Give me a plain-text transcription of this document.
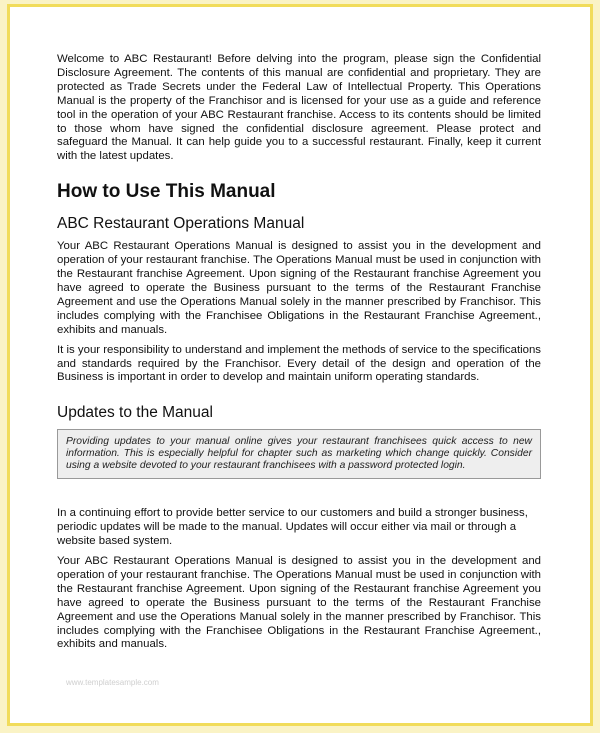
Welcome to ABC Restaurant! Before delving into the program, please sign the Confidential Disclosure Agreement. The contents of this manual are confidential and proprietary. They are protected as Trade Secrets under the Federal Law of Intellectual Property. This Operations Manual is the property of the Franchisor and is licensed for your use as a guide and reference tool in the operation of your ABC Restaurant franchise. Access to its contents should be limited to those whom have signed the confidential disclosure agreement. Please protect and safeguard the Manual. It can help guide you to a successful restaurant. Finally, keep it current with the latest updates.

How to Use This Manual
ABC Restaurant Operations Manual

Your ABC Restaurant Operations Manual is designed to assist you in the development and operation of your restaurant franchise. The Operations Manual must be used in conjunction with the Restaurant franchise Agreement. Upon signing of the Restaurant franchise Agreement you have agreed to operate the Business pursuant to the terms of the Restaurant Franchise Agreement and use the Operations Manual solely in the manner prescribed by Franchisor. This includes complying with the Franchisee Obligations in the Restaurant Franchise Agreement., exhibits and manuals.

It is your responsibility to understand and implement the methods of service to the specifications and standards required by the Franchisor. Every detail of the design and operation of the Business is important in order to develop and maintain uniform operating standards.

Updates to the Manual
Providing updates to your manual online gives your restaurant franchisees quick access to new information. This is especially helpful for chapter such as marketing which change quickly. Consider using a website devoted to your restaurant franchisees with a password protected login.

In a continuing effort to provide better service to our customers and build a stronger business, periodic updates will be made to the manual. Updates will occur either via mail or through a website based system.

Your ABC Restaurant Operations Manual is designed to assist you in the development and operation of your restaurant franchise. The Operations Manual must be used in conjunction with the Restaurant franchise Agreement. Upon signing of the Restaurant franchise Agreement you have agreed to operate the Business pursuant to the terms of the Restaurant Franchise Agreement and use the Operations Manual solely in the manner prescribed by Franchisor. This includes complying with the Franchisee Obligations in the Restaurant Franchise Agreement., exhibits and manuals.

www.templatesample.com
